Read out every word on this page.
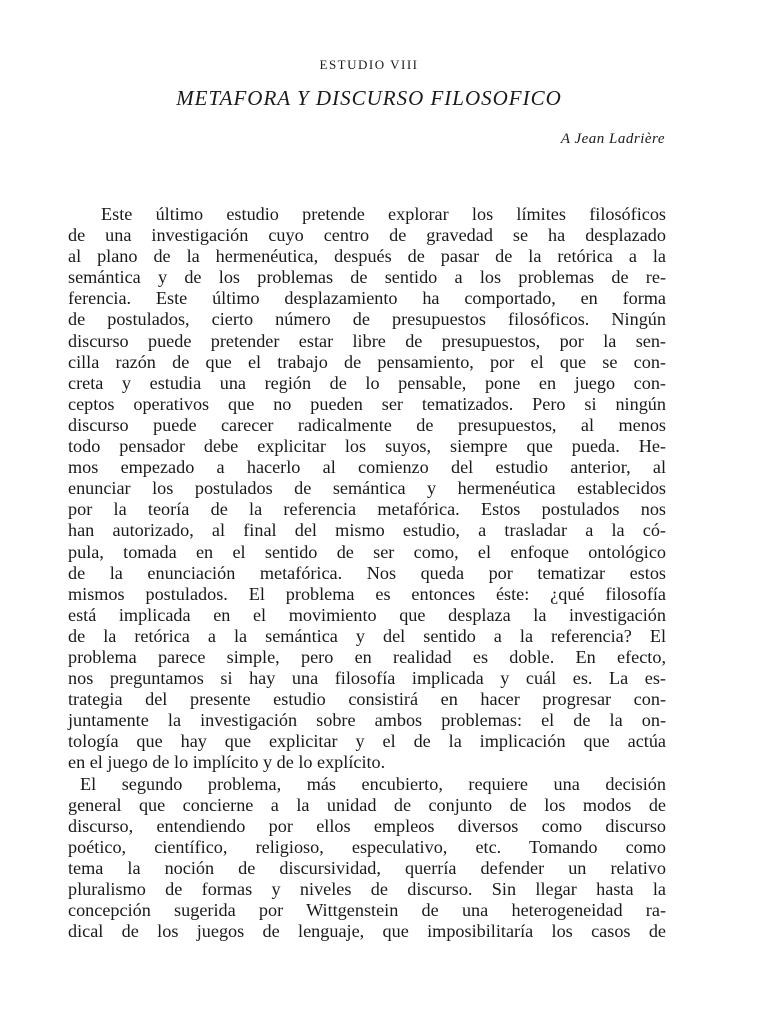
ESTUDIO VIII
METAFORA Y DISCURSO FILOSOFICO
A Jean Ladrière
Este último estudio pretende explorar los límites filosóficos
de una investigación cuyo centro de gravedad se ha desplazado
al plano de la hermenéutica, después de pasar de la retórica a la
semántica y de los problemas de sentido a los problemas de re-
ferencia. Este último desplazamiento ha comportado, en forma
de postulados, cierto número de presupuestos filosóficos. Ningún
discurso puede pretender estar libre de presupuestos, por la sen-
cilla razón de que el trabajo de pensamiento, por el que se con-
creta y estudia una región de lo pensable, pone en juego con-
ceptos operativos que no pueden ser tematizados. Pero si ningún
discurso puede carecer radicalmente de presupuestos, al menos
todo pensador debe explicitar los suyos, siempre que pueda. He-
mos empezado a hacerlo al comienzo del estudio anterior, al
enunciar los postulados de semántica y hermenéutica establecidos
por la teoría de la referencia metafórica. Estos postulados nos
han autorizado, al final del mismo estudio, a trasladar a la có-
pula, tomada en el sentido de ser como, el enfoque ontológico
de la enunciación metafórica. Nos queda por tematizar estos
mismos postulados. El problema es entonces éste: ¿qué filosofía
está implicada en el movimiento que desplaza la investigación
de la retórica a la semántica y del sentido a la referencia? El
problema parece simple, pero en realidad es doble. En efecto,
nos preguntamos si hay una filosofía implicada y cuál es. La es-
trategia del presente estudio consistirá en hacer progresar con-
juntamente la investigación sobre ambos problemas: el de la on-
tología que hay que explicitar y el de la implicación que actúa
en el juego de lo implícito y de lo explícito.
El segundo problema, más encubierto, requiere una decisión
general que concierne a la unidad de conjunto de los modos de
discurso, entendiendo por ellos empleos diversos como discurso
poético, científico, religioso, especulativo, etc. Tomando como
tema la noción de discursividad, querría defender un relativo
pluralismo de formas y niveles de discurso. Sin llegar hasta la
concepción sugerida por Wittgenstein de una heterogeneidad ra-
dical de los juegos de lenguaje, que imposibilitaría los casos de
